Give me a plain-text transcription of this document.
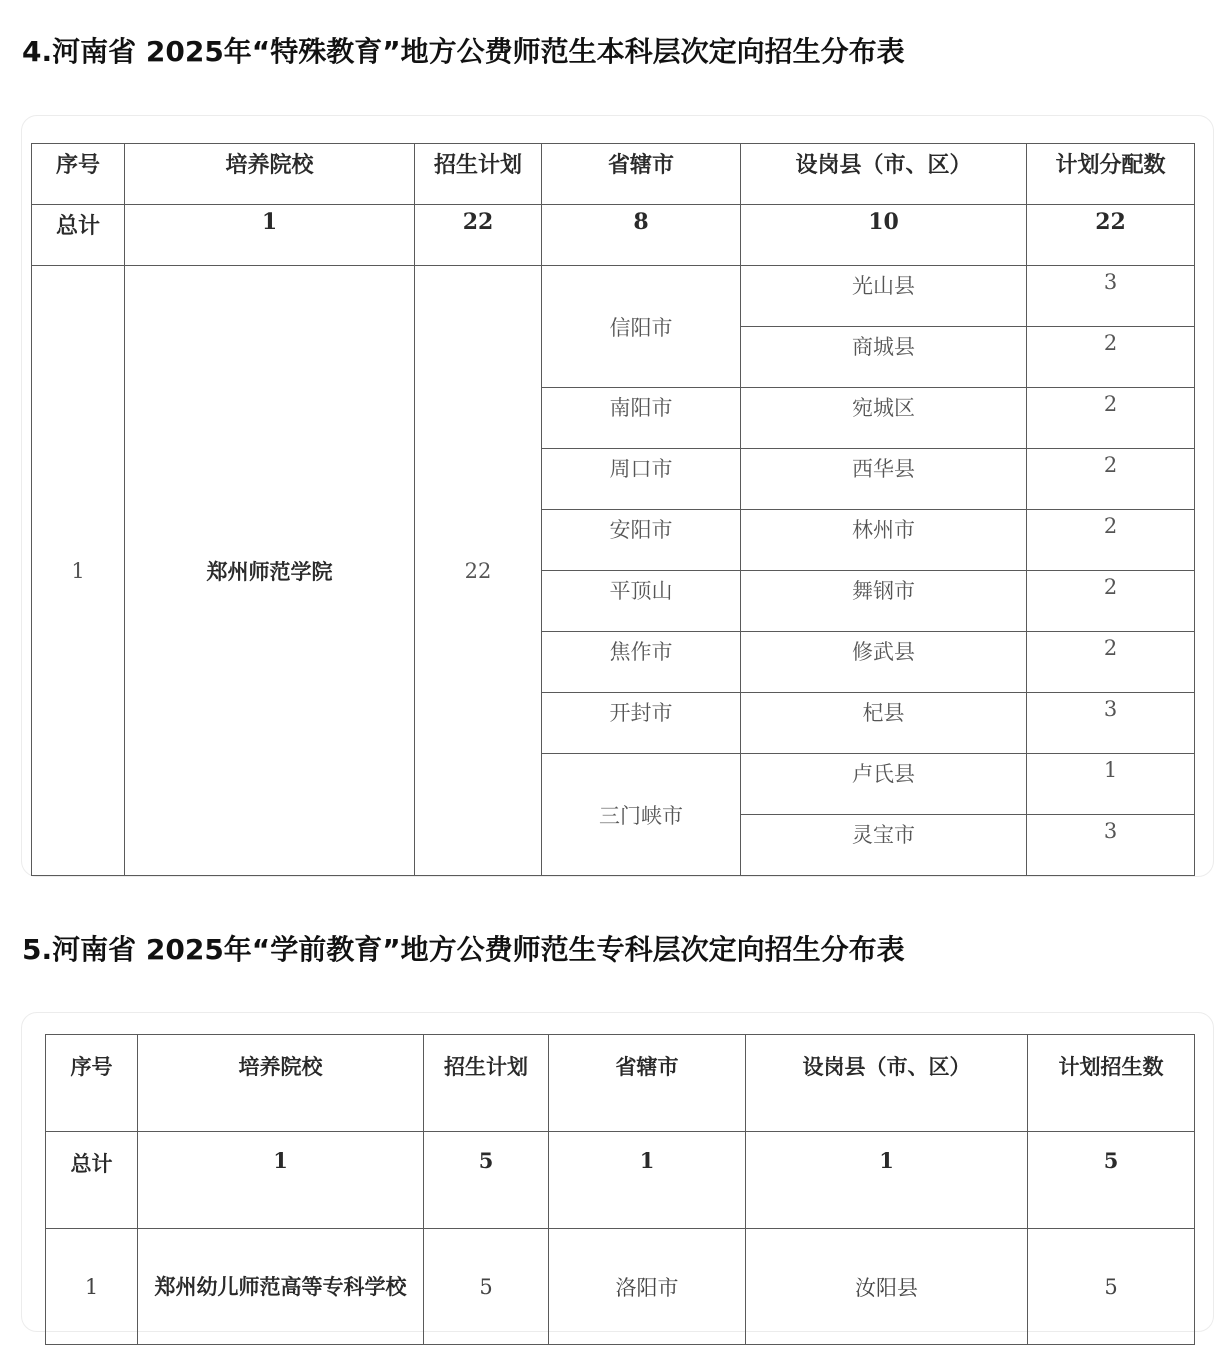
4.河南省 2025年“特殊教育”地方公费师范生本科层次定向招生分布表
序号	培养院校	招生计划	省辖市	设岗县（市、区）	计划分配数
总计	1	22	8	10	22
1	郑州师范学院	22	信阳市	光山县	3
				商城县	2
			南阳市	宛城区	2
			周口市	西华县	2
			安阳市	林州市	2
			平顶山	舞钢市	2
			焦作市	修武县	2
			开封市	杞县	3
			三门峡市	卢氏县	1
				灵宝市	3
5.河南省 2025年“学前教育”地方公费师范生专科层次定向招生分布表
序号	培养院校	招生计划	省辖市	设岗县（市、区）	计划招生数
总计	1	5	1	1	5
1	郑州幼儿师范高等专科学校	5	洛阳市	汝阳县	5
